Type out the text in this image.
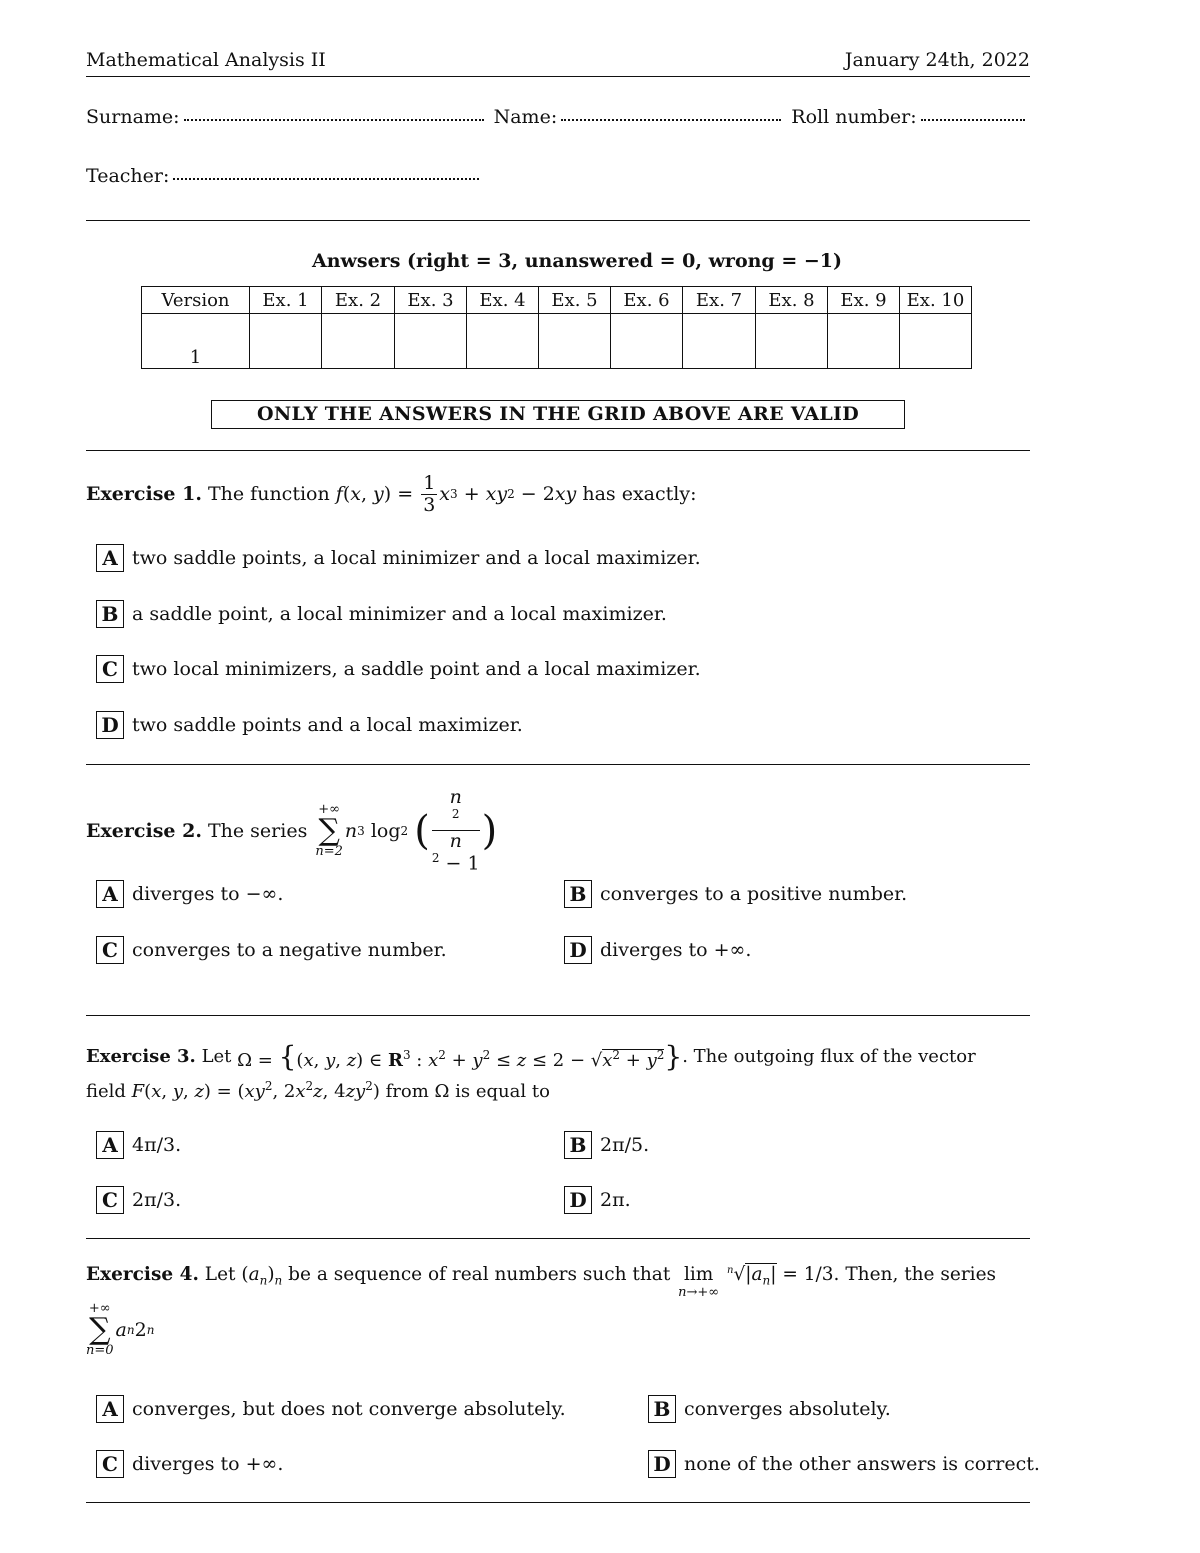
Mathematical Analysis II	January 24th, 2022
Surname:	Name:	Roll number:
Teacher:
Anwsers (right = 3, unanswered = 0, wrong = −1)
Version	Ex. 1	Ex. 2	Ex. 3	Ex. 4	Ex. 5	Ex. 6	Ex. 7	Ex. 8	Ex. 9	Ex. 10
1										
ONLY THE ANSWERS IN THE GRID ABOVE ARE VALID
Exercise 1.
The function
f ( x , y ) = $\frac{1}{3}$ x 3 + xy 2 − 2 xy
has exactly:
A two saddle points, a local minimizer and a local maximizer.
B a saddle point, a local minimizer and a local maximizer.
C two local minimizers, a saddle point and a local maximizer.
D two saddle points and a local maximizer.
Exercise 2.
The series

+∞
∑
n=2
n 3 log 2
( n
$^2$
n
$^2$ − 1 )
A diverges to −∞.	B converges to a positive number.
C converges to a negative number.	D diverges to +∞.
Exercise 3.
Let
Ω = {(x, y, z) ∈ $R^3$ : $x^2 + y^2 \le z \le 2 - √x^2 + y^2$} . The outgoing flux of the vector
field F(x, y, $z) = (xy^2$, $2x^2z$, $4zy^2$) from Ω is equal to
A 4π/3.	B 2π/5.
C 2π/3.	D 2π.
Exercise 4.
Let
$(a_n)_n$
be a sequence of real numbers such that
lim
n→+∞

$^n√|a_n|$
= 1/3. Then, the series
+∞
∑
n=0
a n 2 n
A converges, but does not converge absolutely.	B converges absolutely.
C diverges to +∞.	D none of the other answers is correct.
